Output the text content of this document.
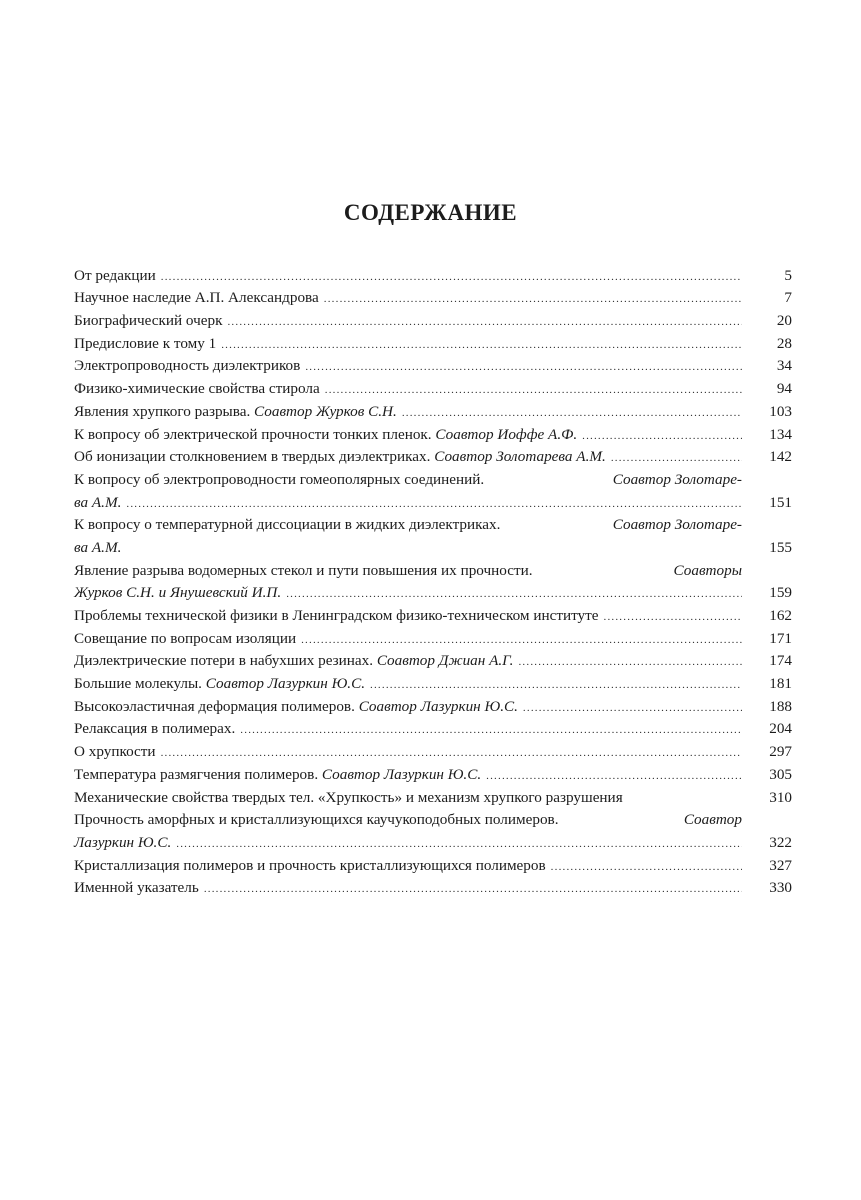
СОДЕРЖАНИЕ
От редакции .....	5
Научное наследие А.П. Александрова .....	7
Биографический очерк .....	20
Предисловие к тому 1 .....	28
Электропроводность диэлектриков .....	34
Физико-химические свойства стирола .....	94
Явления хрупкого разрыва. Соавтор Журков С.Н. .....	103
К вопросу об электрической прочности тонких пленок. Соавтор Иоффе А.Ф. .....	134
Об ионизации столкновением в твердых диэлектриках. Соавтор Золотарева А.М. .....	142
К вопросу об электропроводности гомеополярных соединений.	Соавтор Золотаре-
ва А.М. .....	151
К вопросу о температурной диссоциации в жидких диэлектриках.	Соавтор Золотаре-
ва А.М.	155
Явление разрыва водомерных стекол и пути повышения их прочности.	Соавторы
Журков С.Н. и Янушевский И.П. .....	159
Проблемы технической физики в Ленинградском физико-техническом институте .....	162
Совещание по вопросам изоляции .....	171
Диэлектрические потери в набухших резинах. Соавтор Джиан А.Г. .....	174
Большие молекулы. Соавтор Лазуркин Ю.С. .....	181
Высокоэластичная деформация полимеров. Соавтор Лазуркин Ю.С. .....	188
Релаксация в полимерах. .....	204
О хрупкости .....	297
Температура размягчения полимеров. Соавтор Лазуркин Ю.С. .....	305
Механические свойства твердых тел. «Хрупкость» и механизм хрупкого разрушения	310
Прочность аморфных и кристаллизующихся каучукоподобных полимеров.	Соавтор
Лазуркин Ю.С. .....	322
Кристаллизация полимеров и прочность кристаллизующихся полимеров .....	327
Именной указатель .....	330
